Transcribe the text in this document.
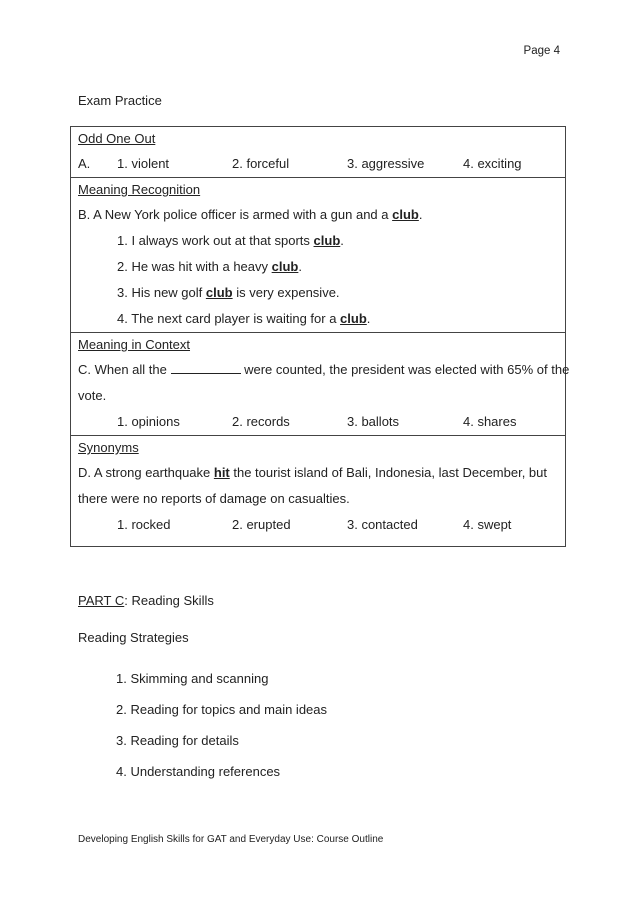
Page 4
Exam Practice
Odd One Out
A. 1. violent	2. forceful	3. aggressive	4. exciting
Meaning Recognition
B. A New York police officer is armed with a gun and a club.
1. I always work out at that sports club.
2. He was hit with a heavy club.
3. His new golf club is very expensive.
4. The next card player is waiting for a club.
Meaning in Context
C. When all the	were counted, the president was elected with 65% of the
vote.
1. opinions	2. records	3. ballots	4. shares
Synonyms
D. A strong earthquake hit the tourist island of Bali, Indonesia, last December, but
there were no reports of damage on casualties.
1. rocked	2. erupted	3. contacted	4. swept
PART C: Reading Skills
Reading Strategies
1. Skimming and scanning
2. Reading for topics and main ideas
3. Reading for details
4. Understanding references
Developing English Skills for GAT and Everyday Use: Course Outline
